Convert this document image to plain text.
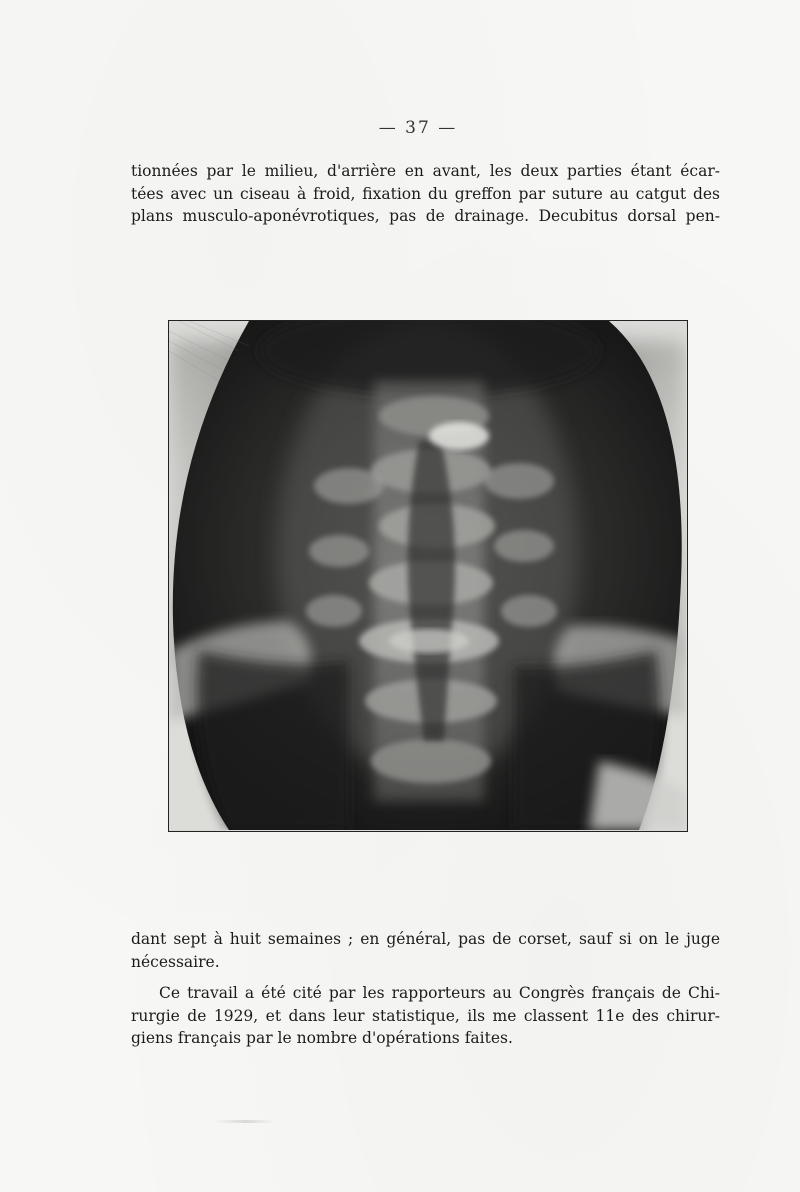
— 37 —

tionnées par le milieu, d'arrière en avant, les deux parties étant écar-
tées avec un ciseau à froid, fixation du greffon par suture au catgut des
plans musculo-aponévrotiques, pas de drainage. Decubitus dorsal pen-

dant sept à huit semaines ; en général, pas de corset, sauf si on le juge
nécessaire.

Ce travail a été cité par les rapporteurs au Congrès français de Chi-
rurgie de 1929, et dans leur statistique, ils me classent 11e des chirur-
giens français par le nombre d'opérations faites.
